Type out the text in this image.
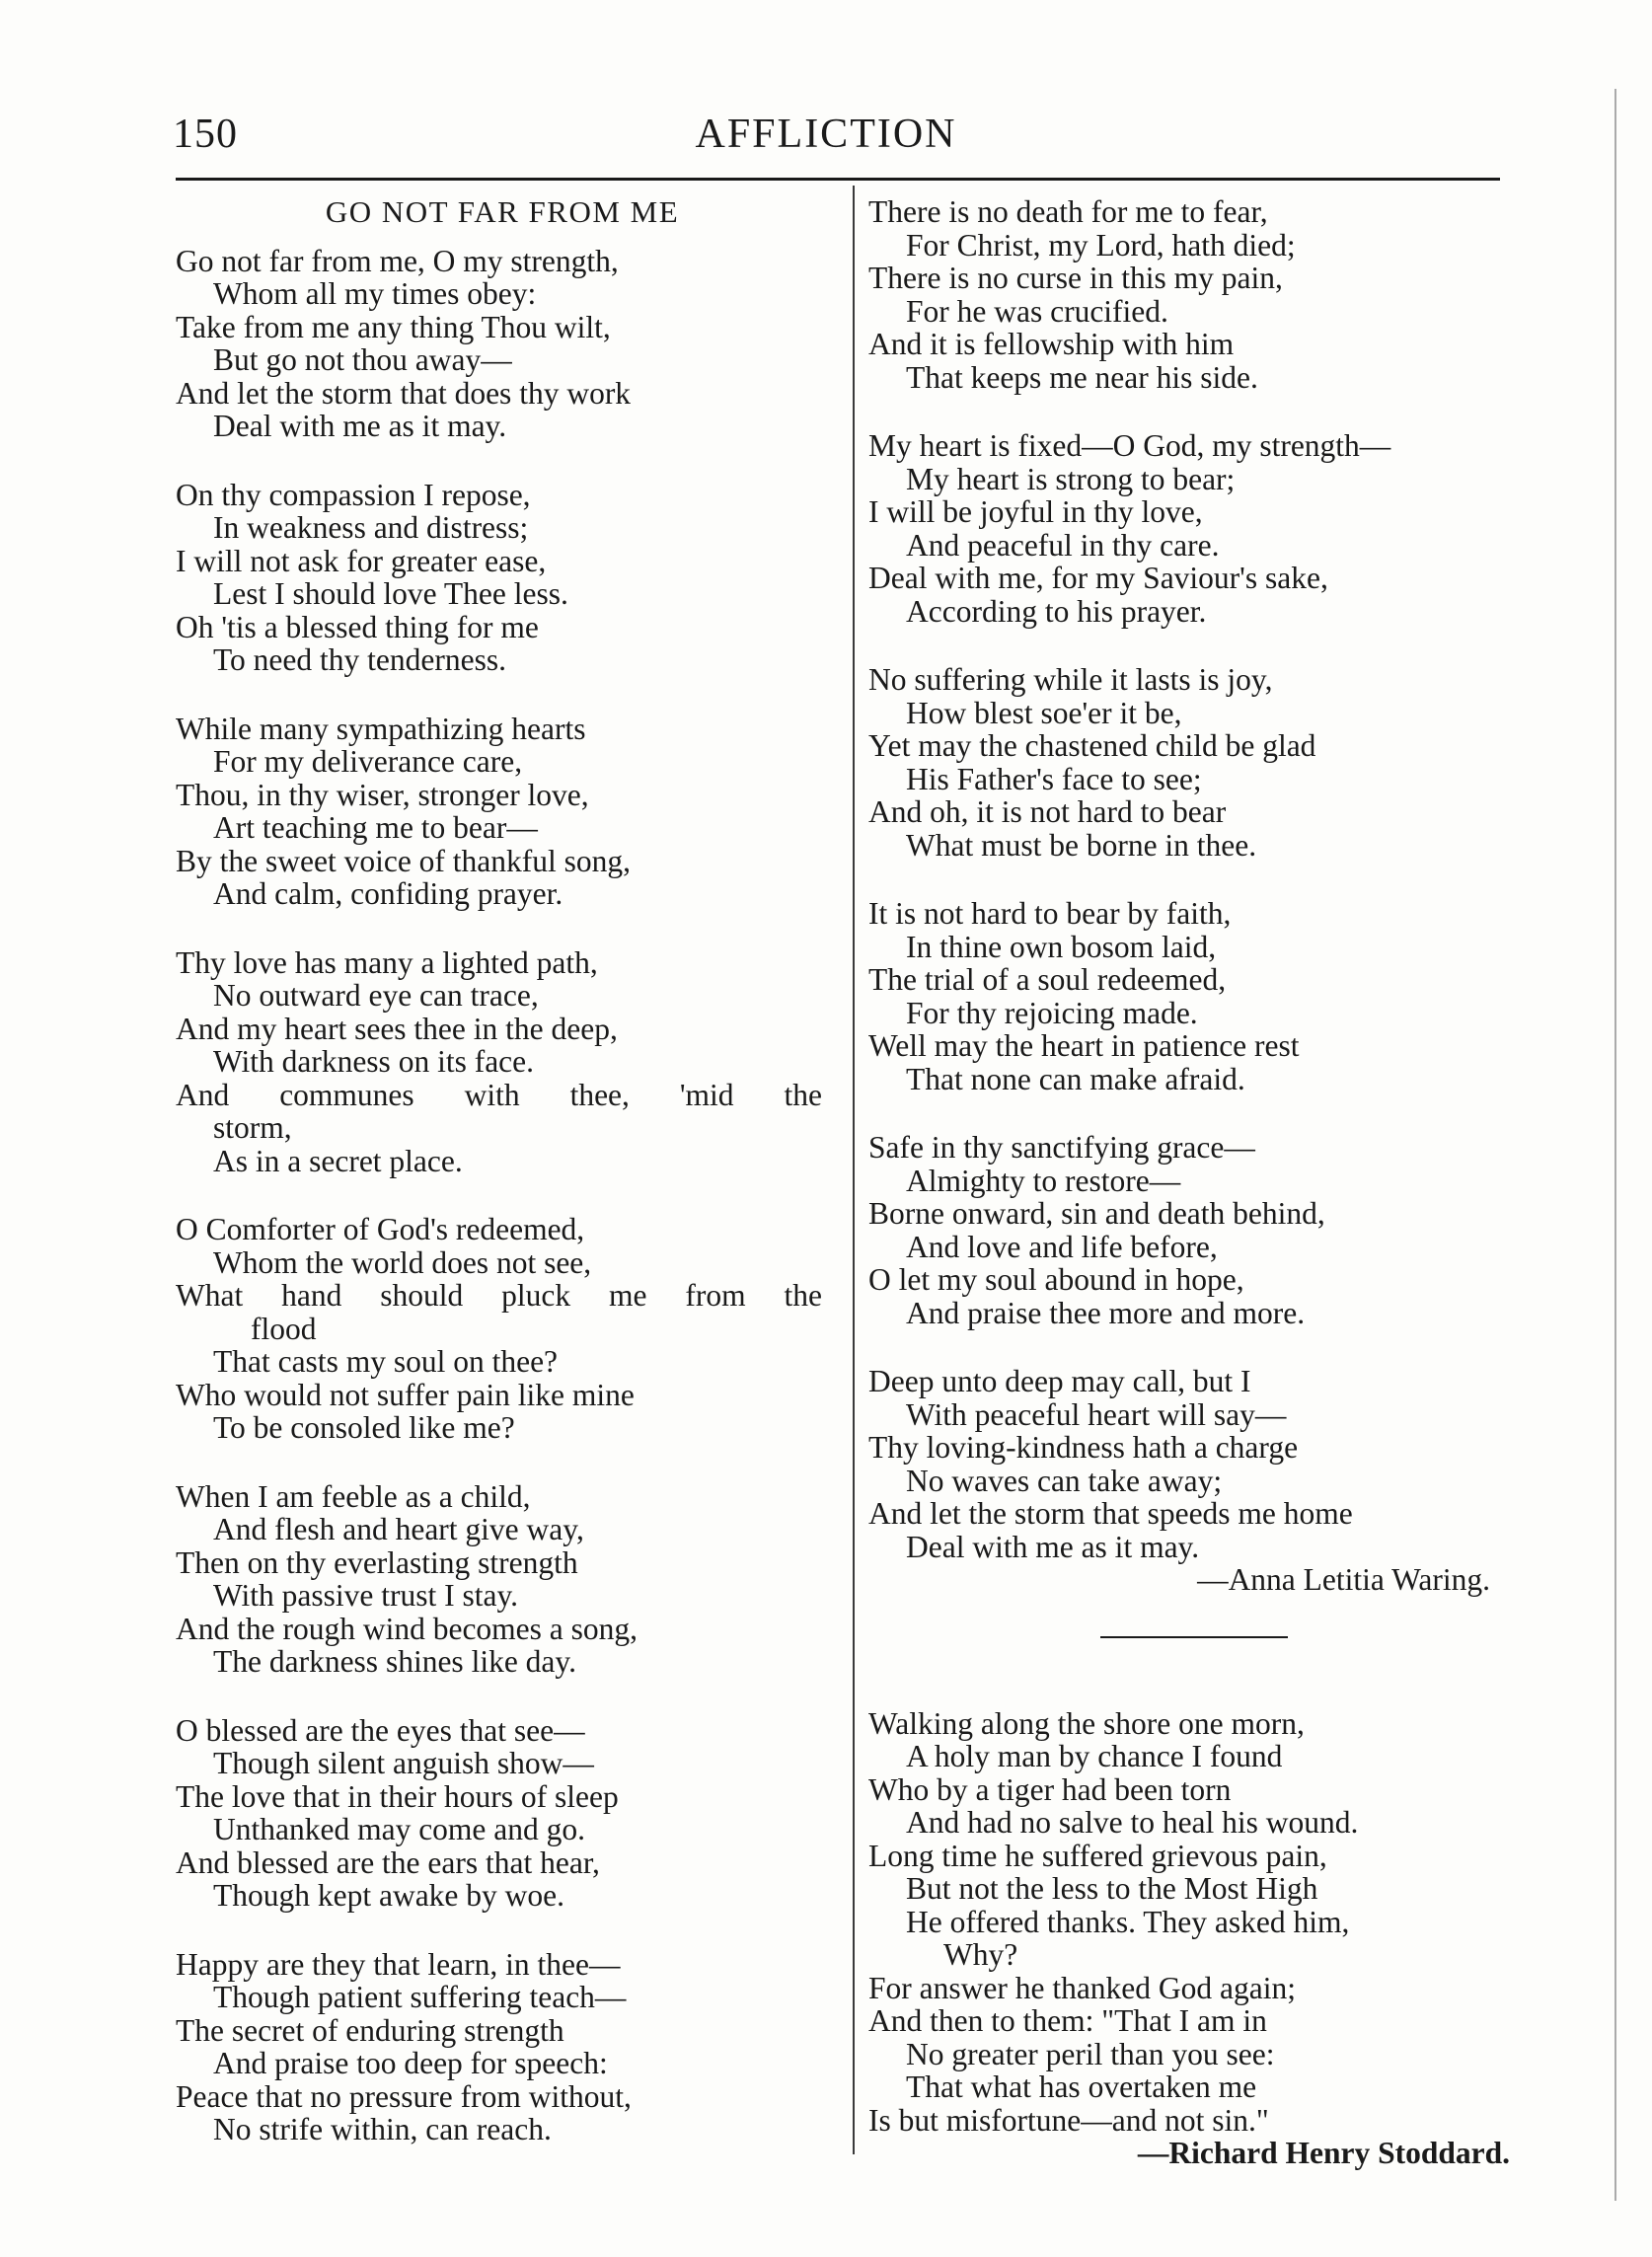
150	AFFLICTION
GO NOT FAR FROM ME
Go not far from me, O my strength,
Whom all my times obey:
Take from me any thing Thou wilt,
But go not thou away—
And let the storm that does thy work
Deal with me as it may.
On thy compassion I repose,
In weakness and distress;
I will not ask for greater ease,
Lest I should love Thee less.
Oh 'tis a blessed thing for me
To need thy tenderness.
While many sympathizing hearts
For my deliverance care,
Thou, in thy wiser, stronger love,
Art teaching me to bear—
By the sweet voice of thankful song,
And calm, confiding prayer.
Thy love has many a lighted path,
No outward eye can trace,
And my heart sees thee in the deep,
With darkness on its face.
And communes with thee, 'mid the
storm,
As in a secret place.
O Comforter of God's redeemed,
Whom the world does not see,
What hand should pluck me from the
flood
That casts my soul on thee?
Who would not suffer pain like mine
To be consoled like me?
When I am feeble as a child,
And flesh and heart give way,
Then on thy everlasting strength
With passive trust I stay.
And the rough wind becomes a song,
The darkness shines like day.
O blessed are the eyes that see—
Though silent anguish show—
The love that in their hours of sleep
Unthanked may come and go.
And blessed are the ears that hear,
Though kept awake by woe.
Happy are they that learn, in thee—
Though patient suffering teach—
The secret of enduring strength
And praise too deep for speech:
Peace that no pressure from without,
No strife within, can reach.
There is no death for me to fear,
For Christ, my Lord, hath died;
There is no curse in this my pain,
For he was crucified.
And it is fellowship with him
That keeps me near his side.
My heart is fixed—O God, my strength—
My heart is strong to bear;
I will be joyful in thy love,
And peaceful in thy care.
Deal with me, for my Saviour's sake,
According to his prayer.
No suffering while it lasts is joy,
How blest soe'er it be,
Yet may the chastened child be glad
His Father's face to see;
And oh, it is not hard to bear
What must be borne in thee.
It is not hard to bear by faith,
In thine own bosom laid,
The trial of a soul redeemed,
For thy rejoicing made.
Well may the heart in patience rest
That none can make afraid.
Safe in thy sanctifying grace—
Almighty to restore—
Borne onward, sin and death behind,
And love and life before,
O let my soul abound in hope,
And praise thee more and more.
Deep unto deep may call, but I
With peaceful heart will say—
Thy loving-kindness hath a charge
No waves can take away;
And let the storm that speeds me home
Deal with me as it may.
—Anna Letitia Waring.
Walking along the shore one morn,
A holy man by chance I found
Who by a tiger had been torn
And had no salve to heal his wound.
Long time he suffered grievous pain,
But not the less to the Most High
He offered thanks. They asked him,
Why?
For answer he thanked God again;
And then to them: "That I am in
No greater peril than you see:
That what has overtaken me
Is but misfortune—and not sin."
—Richard Henry Stoddard.
